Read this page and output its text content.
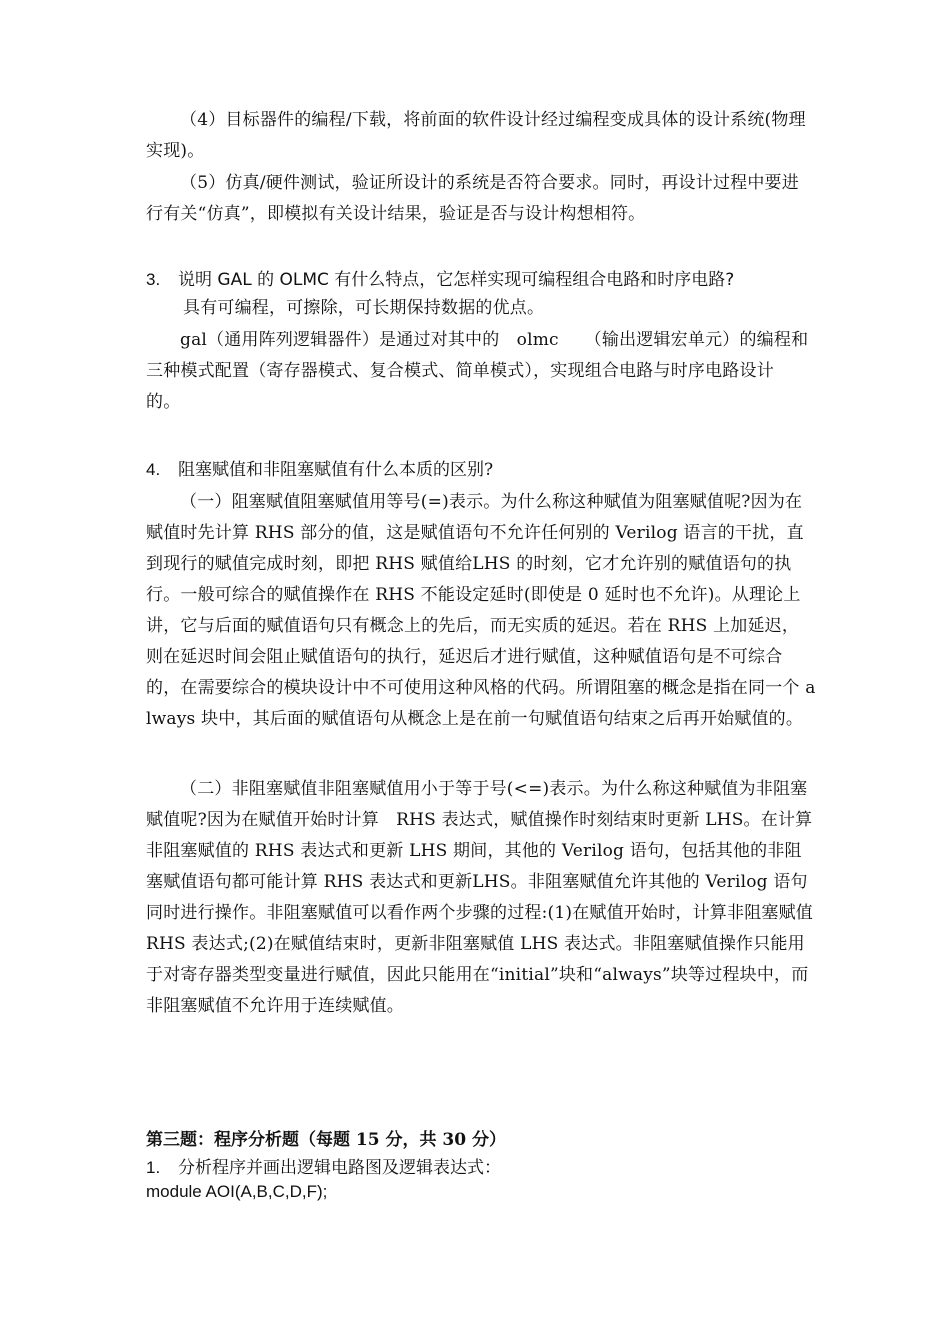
（4）目标器件的编程/下载，将前面的软件设计经过编程变成具体的设计系统(物理实现)。

（5）仿真/硬件测试，验证所设计的系统是否符合要求。同时，再设计过程中要进行有关“仿真”，即模拟有关设计结果，验证是否与设计构想相符。

3. 说明 GAL 的 OLMC 有什么特点，它怎样实现可编程组合电路和时序电路?

具有可编程，可擦除，可长期保持数据的优点。

gal（通用阵列逻辑器件）是通过对其中的　olmc　　（输出逻辑宏单元）的编程和三种模式配置（寄存器模式、复合模式、简单模式），实现组合电路与时序电路设计　 的。

4. 阻塞赋值和非阻塞赋值有什么本质的区别?

（一）阻塞赋值阻塞赋值用等号(=)表示。为什么称这种赋值为阻塞赋值呢?因为在赋值时先计算 RHS 部分的值，这是赋值语句不允许任何别的 Verilog 语言的干扰，直到现行的赋值完成时刻，即把 RHS 赋值给LHS 的时刻，它才允许别的赋值语句的执行。一般可综合的赋值操作在 RHS 不能设定延时(即使是 0 延时也不允许)。从理论上讲，它与后面的赋值语句只有概念上的先后，而无实质的延迟。若在 RHS 上加延迟，则在延迟时间会阻止赋值语句的执行，延迟后才进行赋值，这种赋值语句是不可综合的，在需要综合的模块设计中不可使用这种风格的代码。所谓阻塞的概念是指在同一个 always 块中，其后面的赋值语句从概念上是在前一句赋值语句结束之后再开始赋值的。

（二）非阻塞赋值非阻塞赋值用小于等于号(<=)表示。为什么称这种赋值为非阻塞赋值呢?因为在赋值开始时计算　RHS 表达式，赋值操作时刻结束时更新 LHS。在计算非阻塞赋值的 RHS 表达式和更新 LHS 期间，其他的 Verilog 语句，包括其他的非阻塞赋值语句都可能计算 RHS 表达式和更新LHS。非阻塞赋值允许其他的 Verilog 语句同时进行操作。非阻塞赋值可以看作两个步骤的过程:(1)在赋值开始时，计算非阻塞赋值 RHS 表达式;(2)在赋值结束时，更新非阻塞赋值 LHS 表达式。非阻塞赋值操作只能用于对寄存器类型变量进行赋值，因此只能用在“initial”块和“always”块等过程块中，而非阻塞赋值不允许用于连续赋值。

第三题：程序分析题（每题 15 分，共 30 分）

1. 分析程序并画出逻辑电路图及逻辑表达式：

module AOI(A,B,C,D,F);
